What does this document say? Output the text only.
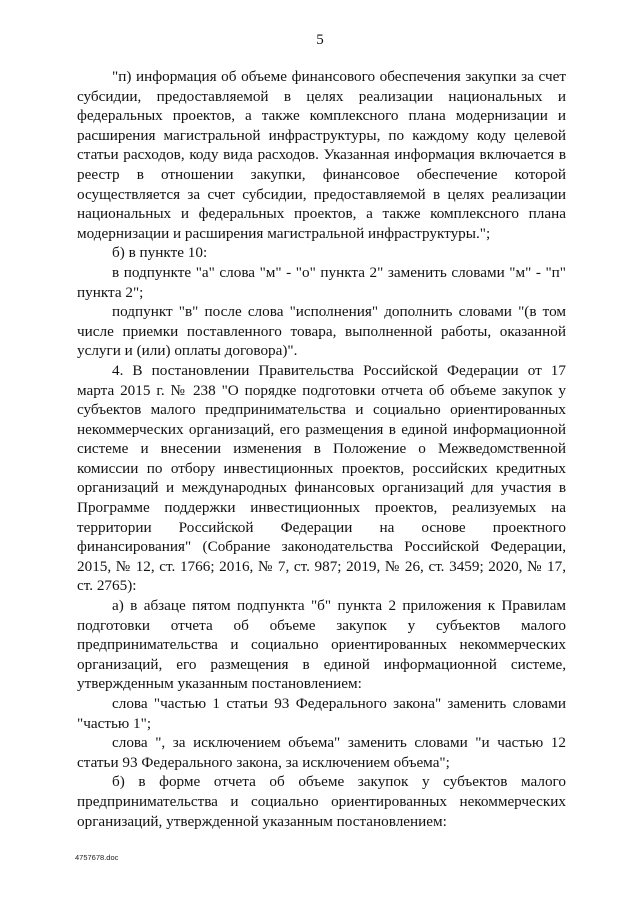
5

"п) информация об объеме финансового обеспечения закупки за счет субсидии, предоставляемой в целях реализации национальных и федеральных проектов, а также комплексного плана модернизации и расширения магистральной инфраструктуры, по каждому коду целевой статьи расходов, коду вида расходов. Указанная информация включается в реестр в отношении закупки, финансовое обеспечение которой осуществляется за счет субсидии, предоставляемой в целях реализации национальных и федеральных проектов, а также комплексного плана модернизации и расширения магистральной инфраструктуры.";

б) в пункте 10:

в подпункте "а" слова "м" - "о" пункта 2" заменить словами "м" - "п" пункта 2";

подпункт "в" после слова "исполнения" дополнить словами "(в том числе приемки поставленного товара, выполненной работы, оказанной услуги и (или) оплаты договора)".

4. В постановлении Правительства Российской Федерации от 17 марта 2015 г. № 238 "О порядке подготовки отчета об объеме закупок у субъектов малого предпринимательства и социально ориентированных некоммерческих организаций, его размещения в единой информационной системе и внесении изменения в Положение о Межведомственной комиссии по отбору инвестиционных проектов, российских кредитных организаций и международных финансовых организаций для участия в Программе поддержки инвестиционных проектов, реализуемых на территории Российской Федерации на основе проектного финансирования" (Собрание законодательства Российской Федерации, 2015, № 12, ст. 1766; 2016, № 7, ст. 987; 2019, № 26, ст. 3459; 2020, № 17, ст. 2765):

а) в абзаце пятом подпункта "б" пункта 2 приложения к Правилам подготовки отчета об объеме закупок у субъектов малого предпринимательства и социально ориентированных некоммерческих организаций, его размещения в единой информационной системе, утвержденным указанным постановлением:

слова "частью 1 статьи 93 Федерального закона" заменить словами "частью 1";

слова ", за исключением объема" заменить словами "и частью 12 статьи 93 Федерального закона, за исключением объема";

б) в форме отчета об объеме закупок у субъектов малого предпринимательства и социально ориентированных некоммерческих организаций, утвержденной указанным постановлением:

4757678.doc
